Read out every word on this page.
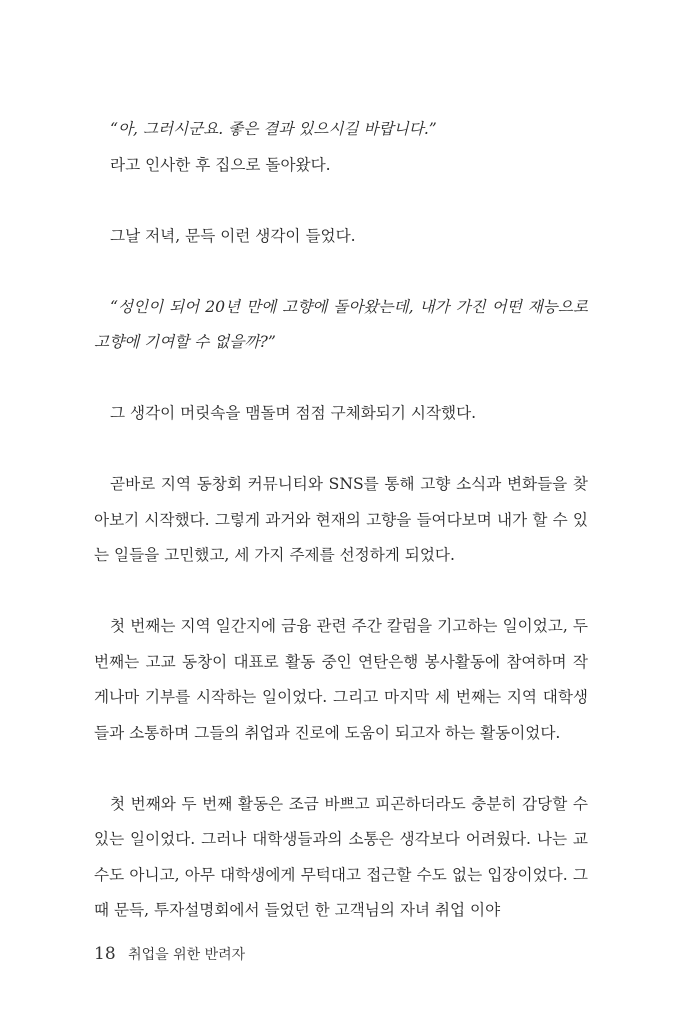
“아, 그러시군요. 좋은 결과 있으시길 바랍니다.”

라고 인사한 후 집으로 돌아왔다.

그날 저녁, 문득 이런 생각이 들었다.

“성인이 되어 20년 만에 고향에 돌아왔는데, 내가 가진 어떤 재능으로 고향에 기여할 수 없을까?”

그 생각이 머릿속을 맴돌며 점점 구체화되기 시작했다.

곧바로 지역 동창회 커뮤니티와 SNS를 통해 고향 소식과 변화들을 찾아보기 시작했다. 그렇게 과거와 현재의 고향을 들여다보며 내가 할 수 있는 일들을 고민했고, 세 가지 주제를 선정하게 되었다.

첫 번째는 지역 일간지에 금융 관련 주간 칼럼을 기고하는 일이었고, 두 번째는 고교 동창이 대표로 활동 중인 연탄은행 봉사활동에 참여하며 작게나마 기부를 시작하는 일이었다. 그리고 마지막 세 번째는 지역 대학생들과 소통하며 그들의 취업과 진로에 도움이 되고자 하는 활동이었다.

첫 번째와 두 번째 활동은 조금 바쁘고 피곤하더라도 충분히 감당할 수 있는 일이었다. 그러나 대학생들과의 소통은 생각보다 어려웠다. 나는 교수도 아니고, 아무 대학생에게 무턱대고 접근할 수도 없는 입장이었다. 그때 문득, 투자설명회에서 들었던 한 고객님의 자녀 취업 이야

18 취업을 위한 반려자
